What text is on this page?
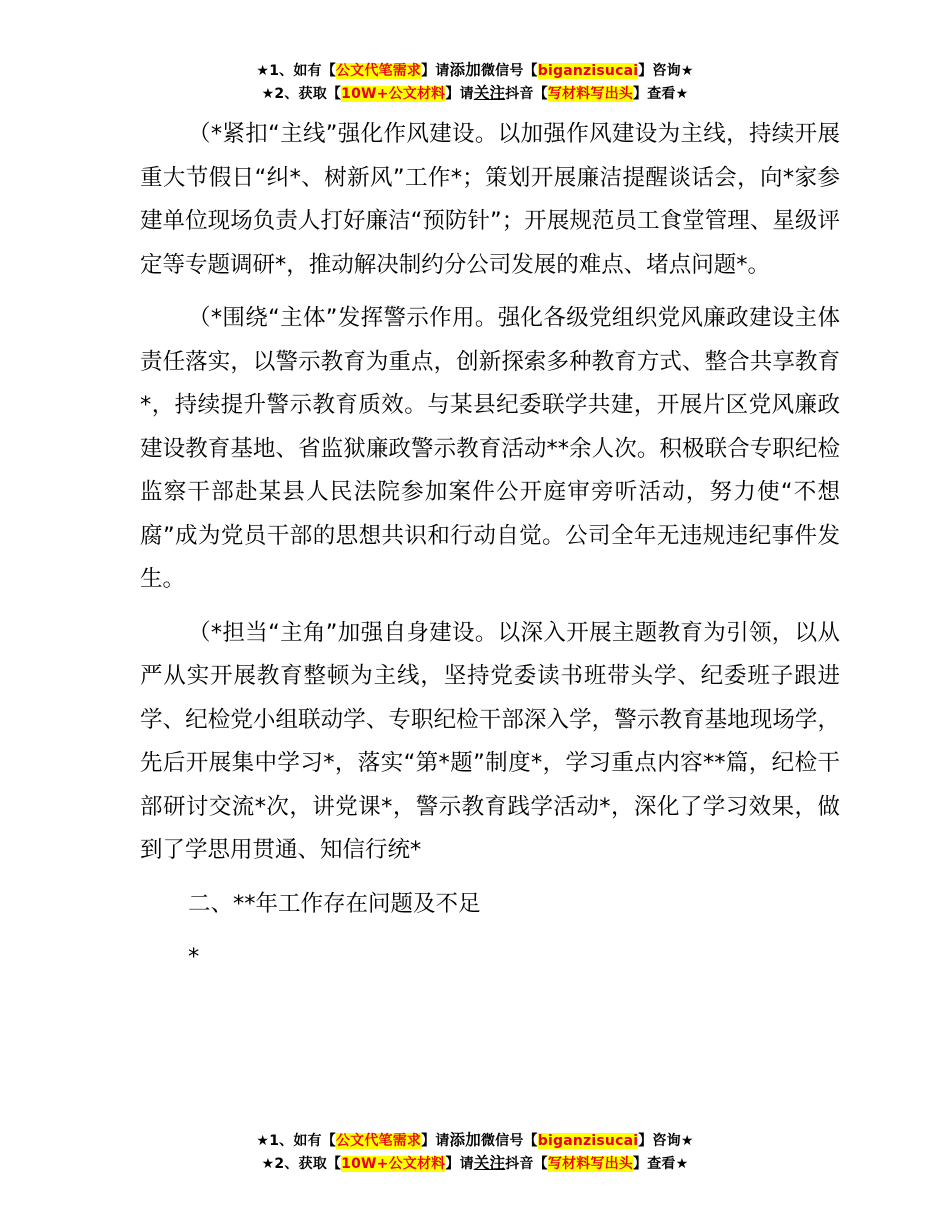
★1、如有【公文代笔需求】请添加微信号【biganzisucai】咨询★
★2、获取【10W+公文材料】请关注抖音【写材料写出头】查看★

（*紧扣“主线”强化作风建设。以加强作风建设为主线，持续开展重大节假日“纠*、树新风”工作*；策划开展廉洁提醒谈话会，向*家参建单位现场负责人打好廉洁“预防针”；开展规范员工食堂管理、星级评定等专题调研*，推动解决制约分公司发展的难点、堵点问题*。

（*围绕“主体”发挥警示作用。强化各级党组织党风廉政建设主体责任落实，以警示教育为重点，创新探索多种教育方式、整合共享教育*，持续提升警示教育质效。与某县纪委联学共建，开展片区党风廉政建设教育基地、省监狱廉政警示教育活动**余人次。积极联合专职纪检监察干部赴某县人民法院参加案件公开庭审旁听活动，努力使“不想腐”成为党员干部的思想共识和行动自觉。公司全年无违规违纪事件发生。

（*担当“主角”加强自身建设。以深入开展主题教育为引领，以从严从实开展教育整顿为主线，坚持党委读书班带头学、纪委班子跟进学、纪检党小组联动学、专职纪检干部深入学，警示教育基地现场学，先后开展集中学习*，落实“第*题”制度*，学习重点内容**篇，纪检干部研讨交流*次，讲党课*，警示教育践学活动*，深化了学习效果，做到了学思用贯通、知信行统*

二、**年工作存在问题及不足

*

★1、如有【公文代笔需求】请添加微信号【biganzisucai】咨询★
★2、获取【10W+公文材料】请关注抖音【写材料写出头】查看★
